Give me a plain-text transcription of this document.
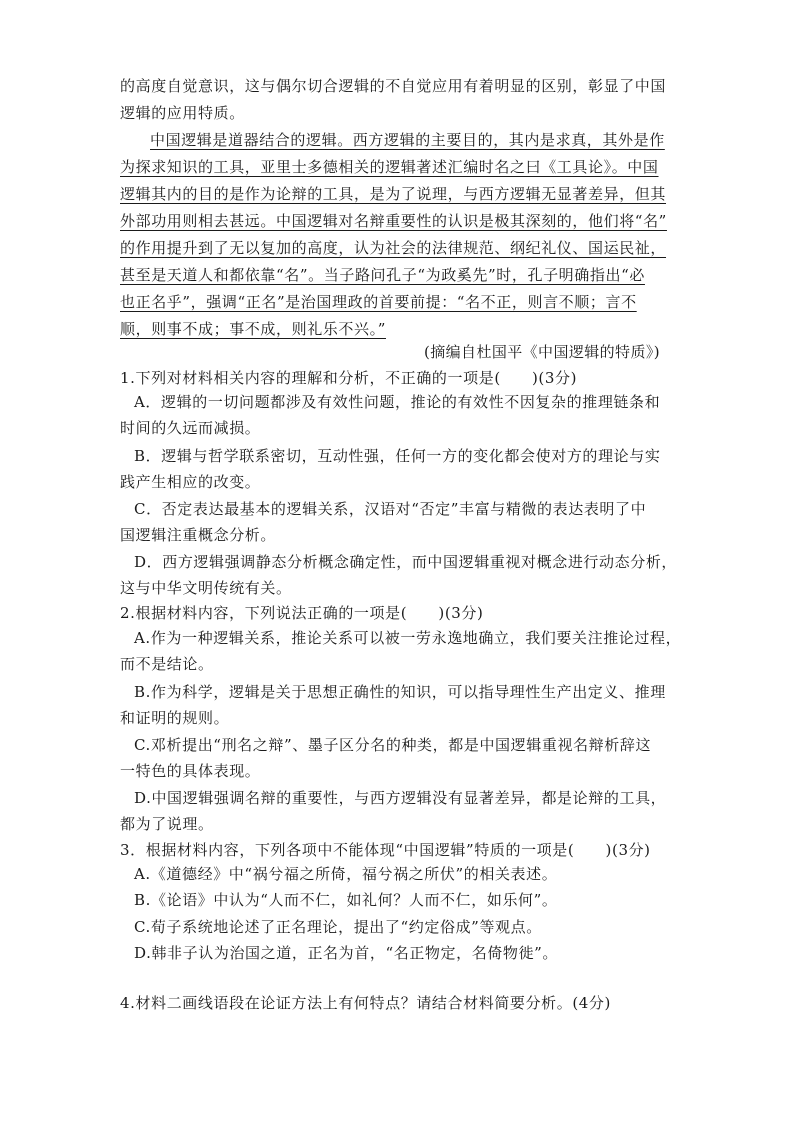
的高度自觉意识，这与偶尔切合逻辑的不自觉应用有着明显的区别，彰显了中国
逻辑的应用特质。
中国逻辑是道器结合的逻辑。西方逻辑的主要目的，其内是求真，其外是作
为探求知识的工具，亚里士多德相关的逻辑著述汇编时名之曰《工具论》。中国
逻辑其内的目的是作为论辩的工具，是为了说理，与西方逻辑无显著差异，但其
外部功用则相去甚远。中国逻辑对名辩重要性的认识是极其深刻的，他们将“名”
的作用提升到了无以复加的高度，认为社会的法律规范、纲纪礼仪、国运民祉，
甚至是天道人和都依靠“名”。当子路问孔子“为政奚先”时，孔子明确指出“必
也正名乎”，强调“正名”是治国理政的首要前提：“名不正，则言不顺；言不
顺，则事不成；事不成，则礼乐不兴。”
(摘编自杜国平《中国逻辑的特质》)
1.下列对材料相关内容的理解和分析，不正确的一项是(　　)(3分)
A．逻辑的一切问题都涉及有效性问题，推论的有效性不因复杂的推理链条和
时间的久远而减损。
B．逻辑与哲学联系密切，互动性强，任何一方的变化都会使对方的理论与实
践产生相应的改变。
C．否定表达最基本的逻辑关系，汉语对“否定”丰富与精微的表达表明了中
国逻辑注重概念分析。
D．西方逻辑强调静态分析概念确定性，而中国逻辑重视对概念进行动态分析，
这与中华文明传统有关。
2.根据材料内容，下列说法正确的一项是(　　)(3分)
A.作为一种逻辑关系，推论关系可以被一劳永逸地确立，我们要关注推论过程，
而不是结论。
B.作为科学，逻辑是关于思想正确性的知识，可以指导理性生产出定义、推理
和证明的规则。
C.邓析提出“刑名之辩”、墨子区分名的种类，都是中国逻辑重视名辩析辞这
一特色的具体表现。
D.中国逻辑强调名辩的重要性，与西方逻辑没有显著差异，都是论辩的工具，
都为了说理。
3．根据材料内容，下列各项中不能体现“中国逻辑”特质的一项是(　　)(3分)
A.《道德经》中“祸兮福之所倚，福兮祸之所伏”的相关表述。
B.《论语》中认为“人而不仁，如礼何？人而不仁，如乐何”。
C.荀子系统地论述了正名理论，提出了“约定俗成”等观点。
D.韩非子认为治国之道，正名为首，“名正物定，名倚物徙”。
4.材料二画线语段在论证方法上有何特点？请结合材料简要分析。(4分)
